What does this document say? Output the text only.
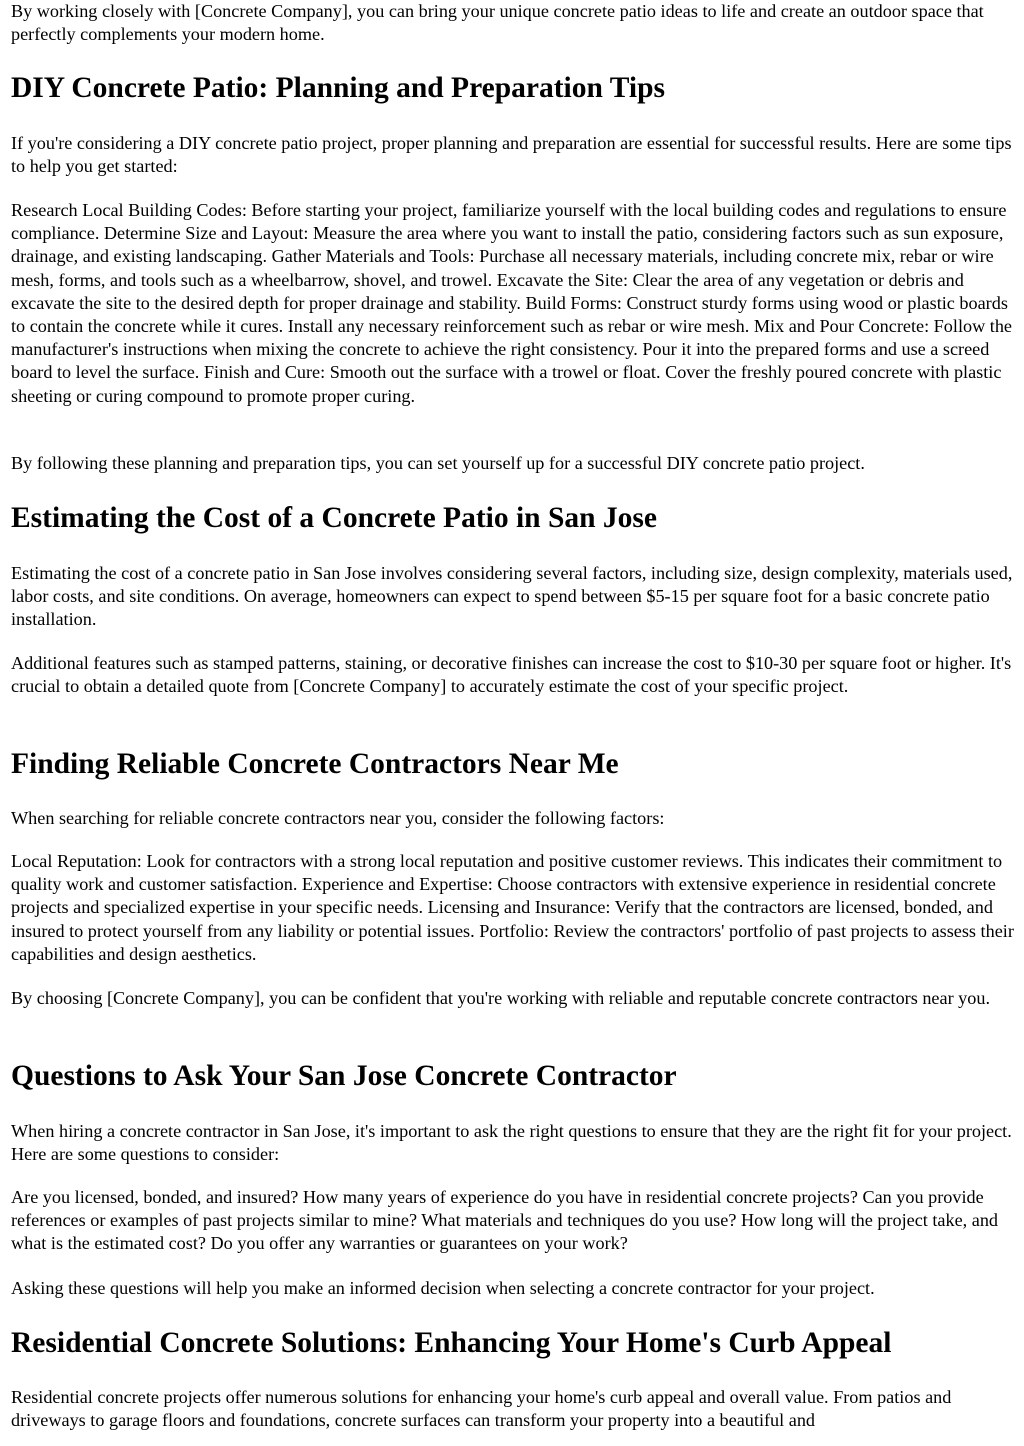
By working closely with [Concrete Company], you can bring your unique concrete patio ideas to life and create an outdoor space that perfectly complements your modern home.

DIY Concrete Patio: Planning and Preparation Tips

If you're considering a DIY concrete patio project, proper planning and preparation are essential for successful results. Here are some tips to help you get started:

Research Local Building Codes: Before starting your project, familiarize yourself with the local building codes and regulations to ensure compliance. Determine Size and Layout: Measure the area where you want to install the patio, considering factors such as sun exposure, drainage, and existing landscaping. Gather Materials and Tools: Purchase all necessary materials, including concrete mix, rebar or wire mesh, forms, and tools such as a wheelbarrow, shovel, and trowel. Excavate the Site: Clear the area of any vegetation or debris and excavate the site to the desired depth for proper drainage and stability. Build Forms: Construct sturdy forms using wood or plastic boards to contain the concrete while it cures. Install any necessary reinforcement such as rebar or wire mesh. Mix and Pour Concrete: Follow the manufacturer's instructions when mixing the concrete to achieve the right consistency. Pour it into the prepared forms and use a screed board to level the surface. Finish and Cure: Smooth out the surface with a trowel or float. Cover the freshly poured concrete with plastic sheeting or curing compound to promote proper curing.

By following these planning and preparation tips, you can set yourself up for a successful DIY concrete patio project.

Estimating the Cost of a Concrete Patio in San Jose

Estimating the cost of a concrete patio in San Jose involves considering several factors, including size, design complexity, materials used, labor costs, and site conditions. On average, homeowners can expect to spend between $5-15 per square foot for a basic concrete patio installation.

Additional features such as stamped patterns, staining, or decorative finishes can increase the cost to $10-30 per square foot or higher. It's crucial to obtain a detailed quote from [Concrete Company] to accurately estimate the cost of your specific project.

Finding Reliable Concrete Contractors Near Me

When searching for reliable concrete contractors near you, consider the following factors:

Local Reputation: Look for contractors with a strong local reputation and positive customer reviews. This indicates their commitment to quality work and customer satisfaction. Experience and Expertise: Choose contractors with extensive experience in residential concrete projects and specialized expertise in your specific needs. Licensing and Insurance: Verify that the contractors are licensed, bonded, and insured to protect yourself from any liability or potential issues. Portfolio: Review the contractors' portfolio of past projects to assess their capabilities and design aesthetics.

By choosing [Concrete Company], you can be confident that you're working with reliable and reputable concrete contractors near you.

Questions to Ask Your San Jose Concrete Contractor

When hiring a concrete contractor in San Jose, it's important to ask the right questions to ensure that they are the right fit for your project. Here are some questions to consider:

Are you licensed, bonded, and insured? How many years of experience do you have in residential concrete projects? Can you provide references or examples of past projects similar to mine? What materials and techniques do you use? How long will the project take, and what is the estimated cost? Do you offer any warranties or guarantees on your work?

Asking these questions will help you make an informed decision when selecting a concrete contractor for your project.

Residential Concrete Solutions: Enhancing Your Home's Curb Appeal

Residential concrete projects offer numerous solutions for enhancing your home's curb appeal and overall value. From patios and driveways to garage floors and foundations, concrete surfaces can transform your property into a beautiful and
